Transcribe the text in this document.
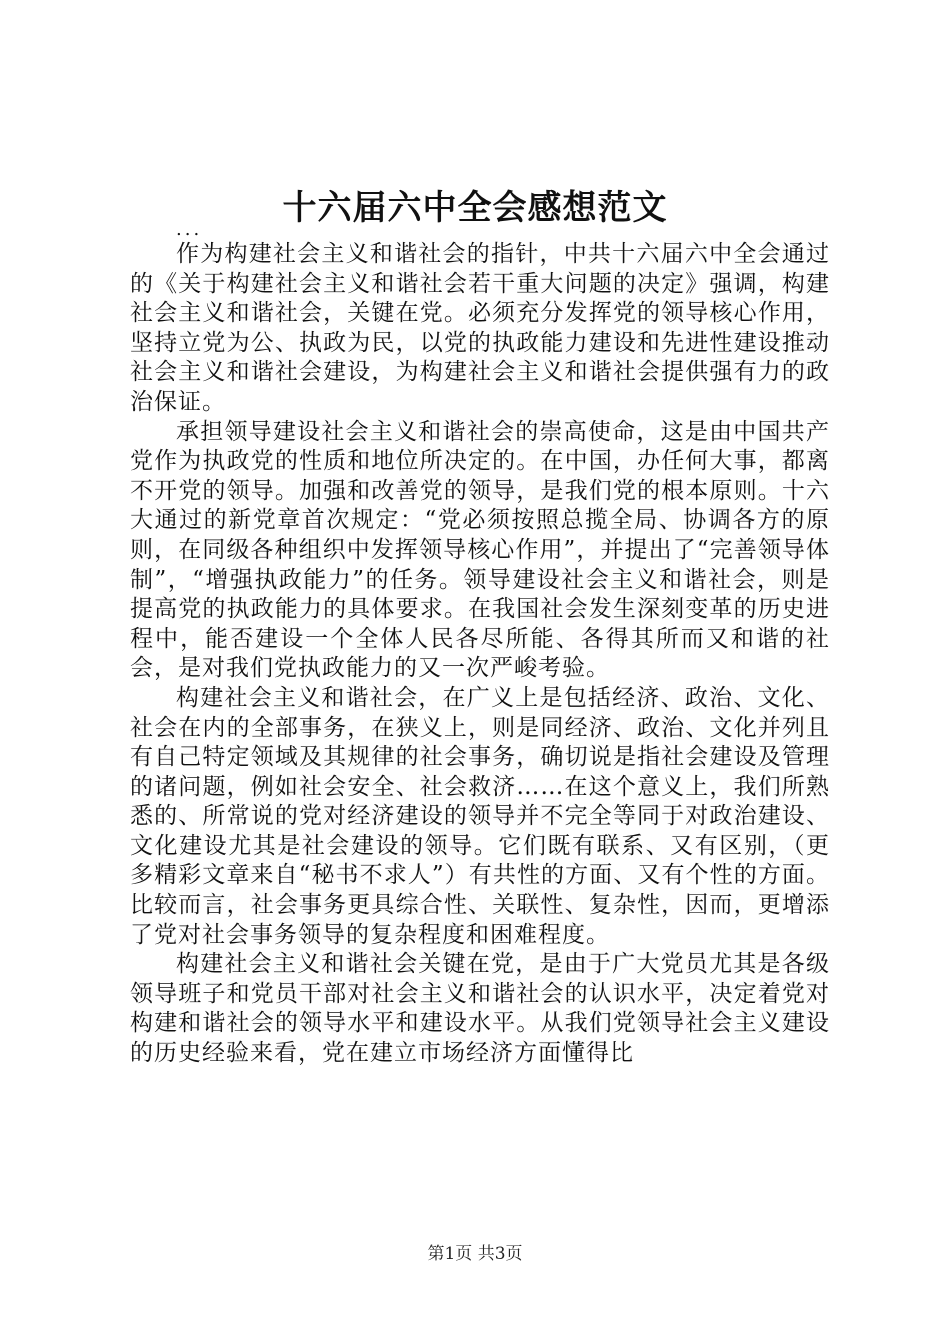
十六届六中全会感想范文
...

作为构建社会主义和谐社会的指针，中共十六届六中全会通过的《关于构建社会主义和谐社会若干重大问题的决定》强调，构建社会主义和谐社会，关键在党。必须充分发挥党的领导核心作用，坚持立党为公、执政为民，以党的执政能力建设和先进性建设推动社会主义和谐社会建设，为构建社会主义和谐社会提供强有力的政治保证。

承担领导建设社会主义和谐社会的崇高使命，这是由中国共产党作为执政党的性质和地位所决定的。在中国，办任何大事，都离不开党的领导。加强和改善党的领导，是我们党的根本原则。十六大通过的新党章首次规定：“党必须按照总揽全局、协调各方的原则，在同级各种组织中发挥领导核心作用”，并提出了“完善领导体制”，“增强执政能力”的任务。领导建设社会主义和谐社会，则是提高党的执政能力的具体要求。在我国社会发生深刻变革的历史进程中，能否建设一个全体人民各尽所能、各得其所而又和谐的社会，是对我们党执政能力的又一次严峻考验。

构建社会主义和谐社会，在广义上是包括经济、政治、文化、社会在内的全部事务，在狭义上，则是同经济、政治、文化并列且有自己特定领域及其规律的社会事务，确切说是指社会建设及管理的诸问题，例如社会安全、社会救济……在这个意义上，我们所熟悉的、所常说的党对经济建设的领导并不完全等同于对政治建设、文化建设尤其是社会建设的领导。它们既有联系、又有区别，（更多精彩文章来自“秘书不求人”）有共性的方面、又有个性的方面。比较而言，社会事务更具综合性、关联性、复杂性，因而，更增添了党对社会事务领导的复杂程度和困难程度。

构建社会主义和谐社会关键在党，是由于广大党员尤其是各级领导班子和党员干部对社会主义和谐社会的认识水平，决定着党对构建和谐社会的领导水平和建设水平。从我们党领导社会主义建设的历史经验来看，党在建立市场经济方面懂得比

第1页 共3页
